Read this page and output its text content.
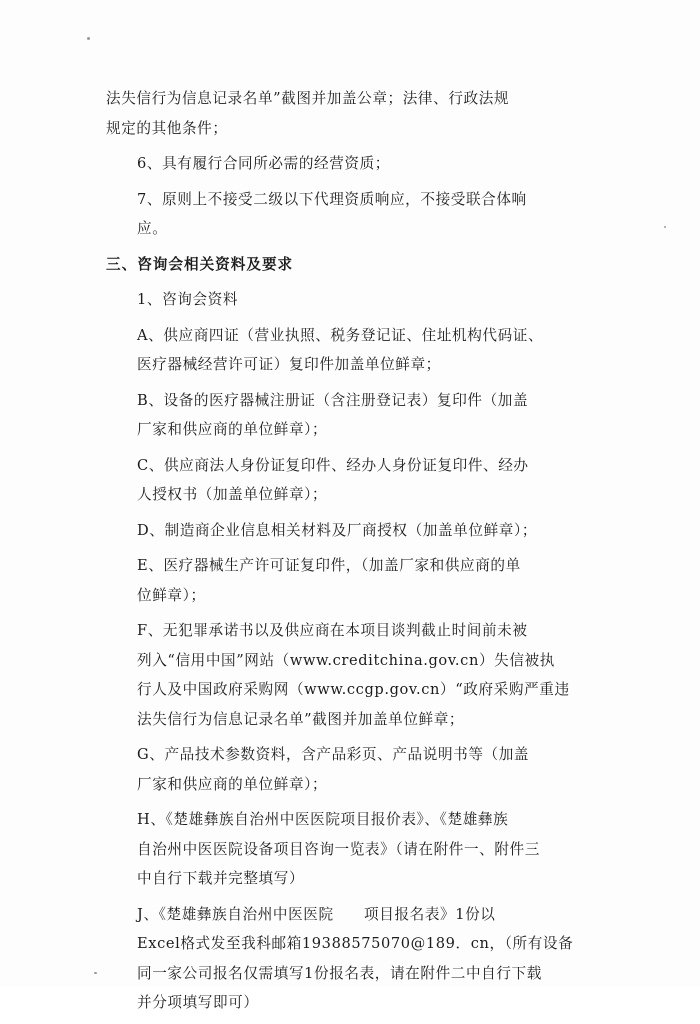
法失信行为信息记录名单”截图并加盖公章；法律、行政法规
规定的其他条件；
6、具有履行合同所必需的经营资质；
7、原则上不接受二级以下代理资质响应，不接受联合体响
应。
三、咨询会相关资料及要求
1、咨询会资料
A、供应商四证（营业执照、税务登记证、住址机构代码证、
医疗器械经营许可证）复印件加盖单位鲜章；
B、设备的医疗器械注册证（含注册登记表）复印件（加盖
厂家和供应商的单位鲜章）；
C、供应商法人身份证复印件、经办人身份证复印件、经办
人授权书（加盖单位鲜章）；
D、制造商企业信息相关材料及厂商授权（加盖单位鲜章）；
E、医疗器械生产许可证复印件，（加盖厂家和供应商的单
位鲜章）；
F、无犯罪承诺书以及供应商在本项目谈判截止时间前未被
列入“信用中国”网站（www.creditchina.gov.cn）失信被执
行人及中国政府采购网（www.ccgp.gov.cn）“政府采购严重违
法失信行为信息记录名单”截图并加盖单位鲜章；
G、产品技术参数资料，含产品彩页、产品说明书等（加盖
厂家和供应商的单位鲜章）；
H、《楚雄彝族自治州中医医院项目报价表》、《楚雄彝族
自治州中医医院设备项目咨询一览表》（请在附件一、附件三
中自行下载并完整填写）
J、《楚雄彝族自治州中医医院　　项目报名表》1份以
Excel格式发至我科邮箱19388575070@189．cn，（所有设备
同一家公司报名仅需填写1份报名表，请在附件二中自行下载
并分项填写即可）
